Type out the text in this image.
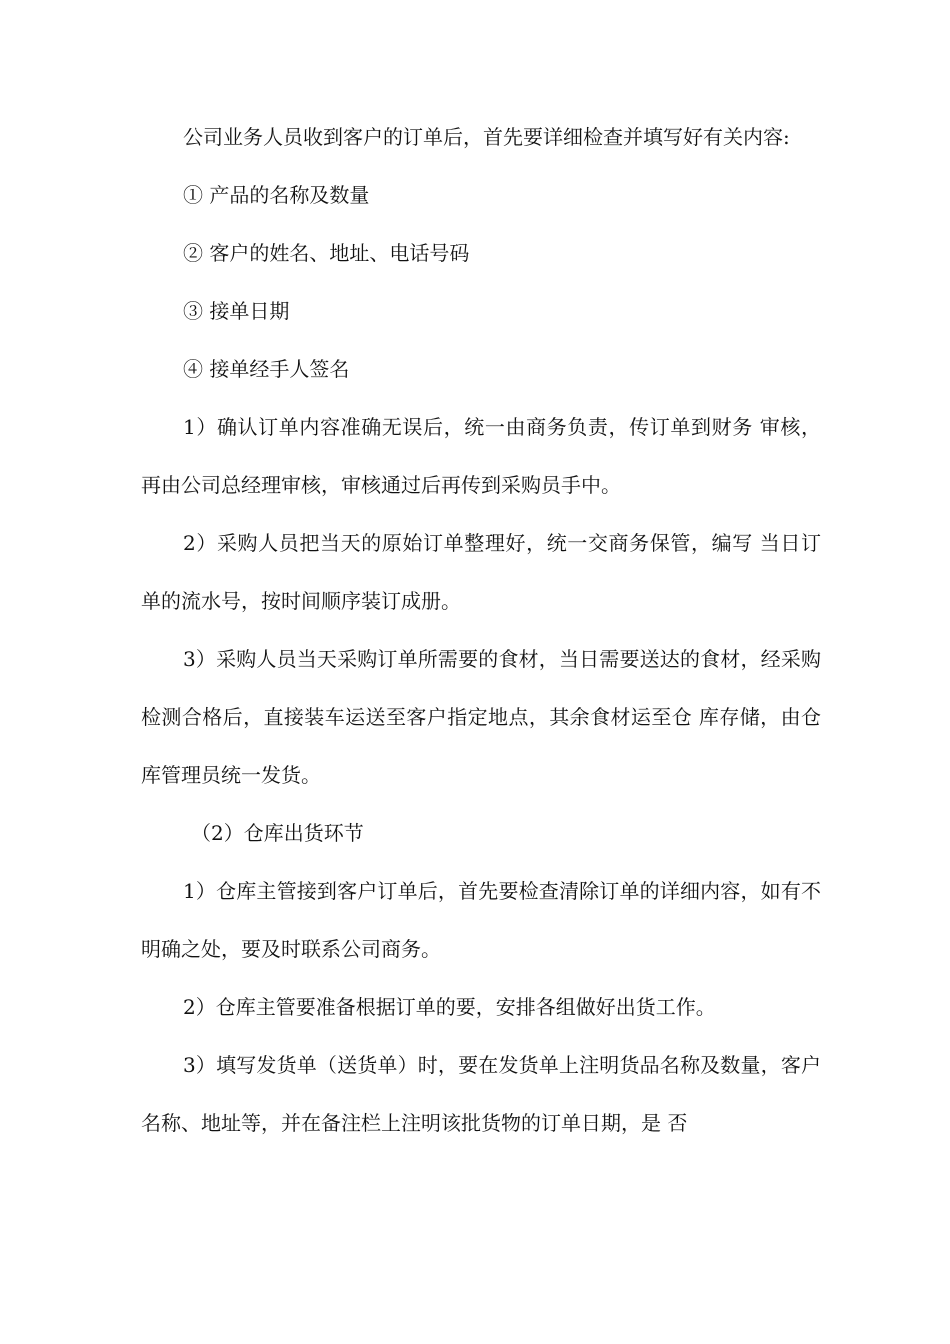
公司业务人员收到客户的订单后，首先要详细检查并填写好有关内容:

① 产品的名称及数量

② 客户的姓名、地址、电话号码

③ 接单日期

④ 接单经手人签名

1）确认订单内容准确无误后，统一由商务负责，传订单到财务 审核，再由公司总经理审核，审核通过后再传到采购员手中。

2）采购人员把当天的原始订单整理好，统一交商务保管，编写 当日订单的流水号，按时间顺序装订成册。

3）采购人员当天采购订单所需要的食材，当日需要送达的食材，经采购检测合格后，直接装车运送至客户指定地点，其余食材运至仓 库存储，由仓库管理员统一发货。

（2）仓库出货环节

1）仓库主管接到客户订单后，首先要检查清除订单的详细内容，如有不明确之处，要及时联系公司商务。

2）仓库主管要准备根据订单的要，安排各组做好出货工作。

3）填写发货单（送货单）时，要在发货单上注明货品名称及数量，客户名称、地址等，并在备注栏上注明该批货物的订单日期，是 否
